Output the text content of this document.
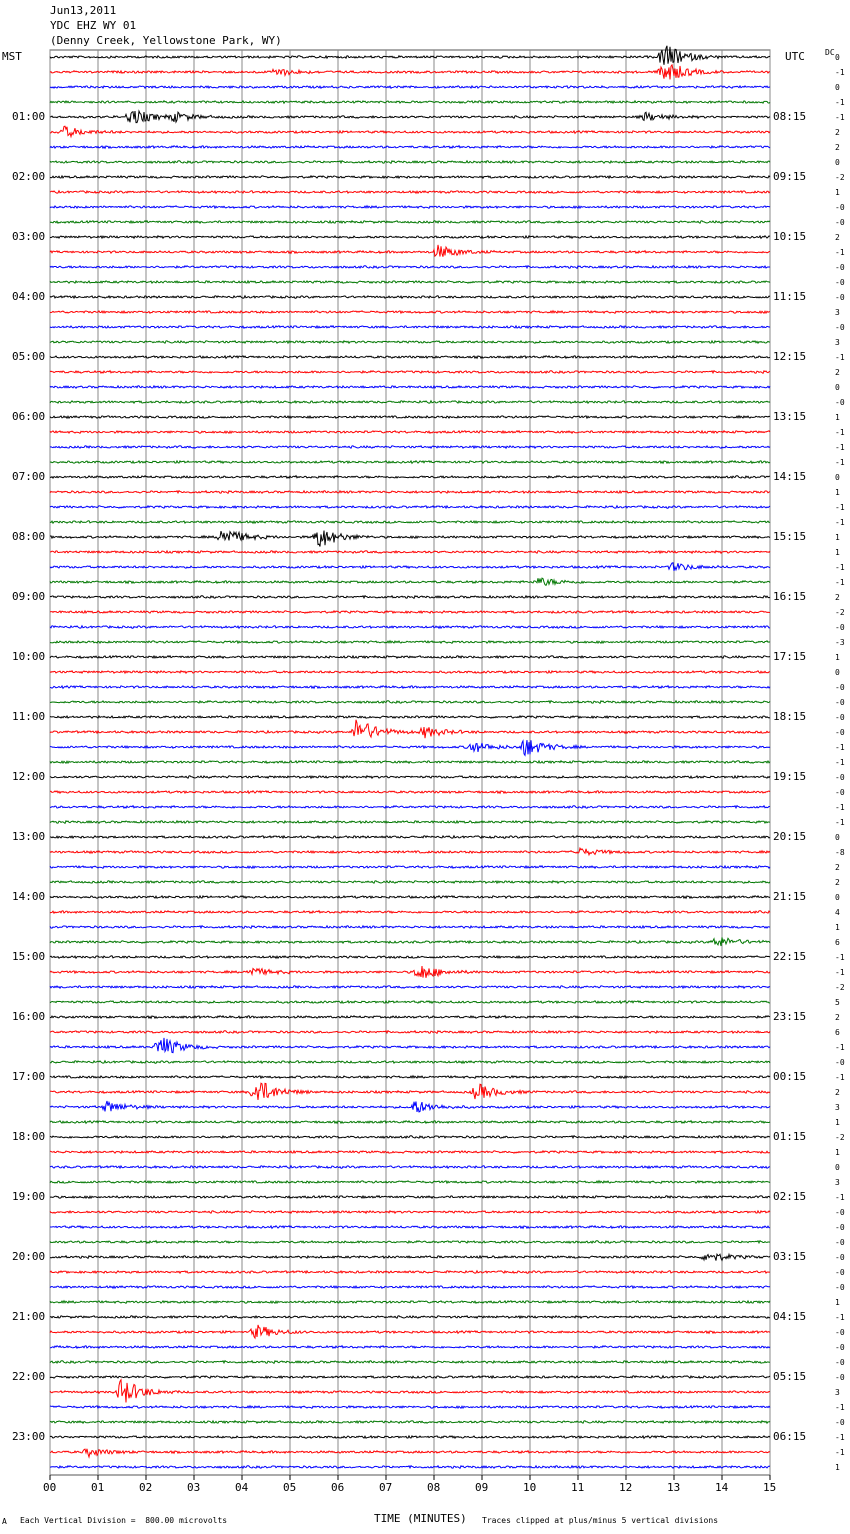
Jun13,2011
YDC EHZ WY 01
(Denny Creek, Yellowstone Park, WY)
MST	UTC	DC
01:00
02:00
03:00
04:00
05:00
06:00
07:00
08:00
09:00
10:00
11:00
12:00
13:00
14:00
15:00
16:00
17:00
18:00
19:00
20:00
21:00
22:00
23:00
08:15
09:15
10:15
11:15
12:15
13:15
14:15
15:15
16:15
17:15
18:15
19:15
20:15
21:15
22:15
23:15
00:15
01:15
02:15
03:15
04:15
05:15
06:15
0
-1
0
-1
-1
2
2
0
-2
1
-0
-0
2
-1
-0
-0
-0
3
-0
3
-1
2
0
-0
1
-1
-1
-1
0
1
-1
-1
1
1
-1
-1
2
-2
-0
-3
1
0
-0
-0
-0
-0
-1
-1
-0
-0
-1
-1
0
-8
2
2
0
4
1
6
-1
-1
-2
5
2
6
-1
-0
-1
2
3
1
-2
1
0
3
-1
-0
-0
-0
-0
-0
-0
1
-1
-0
-0
-0
-0
3
-1
-0
-1
-1
1
00	01	02	03	04	05	06	07	08	09	10	11	12	13	14	15
A Each Vertical Division =  800.00 microvolts	TIME (MINUTES) Traces clipped at plus/minus 5 vertical divisions
